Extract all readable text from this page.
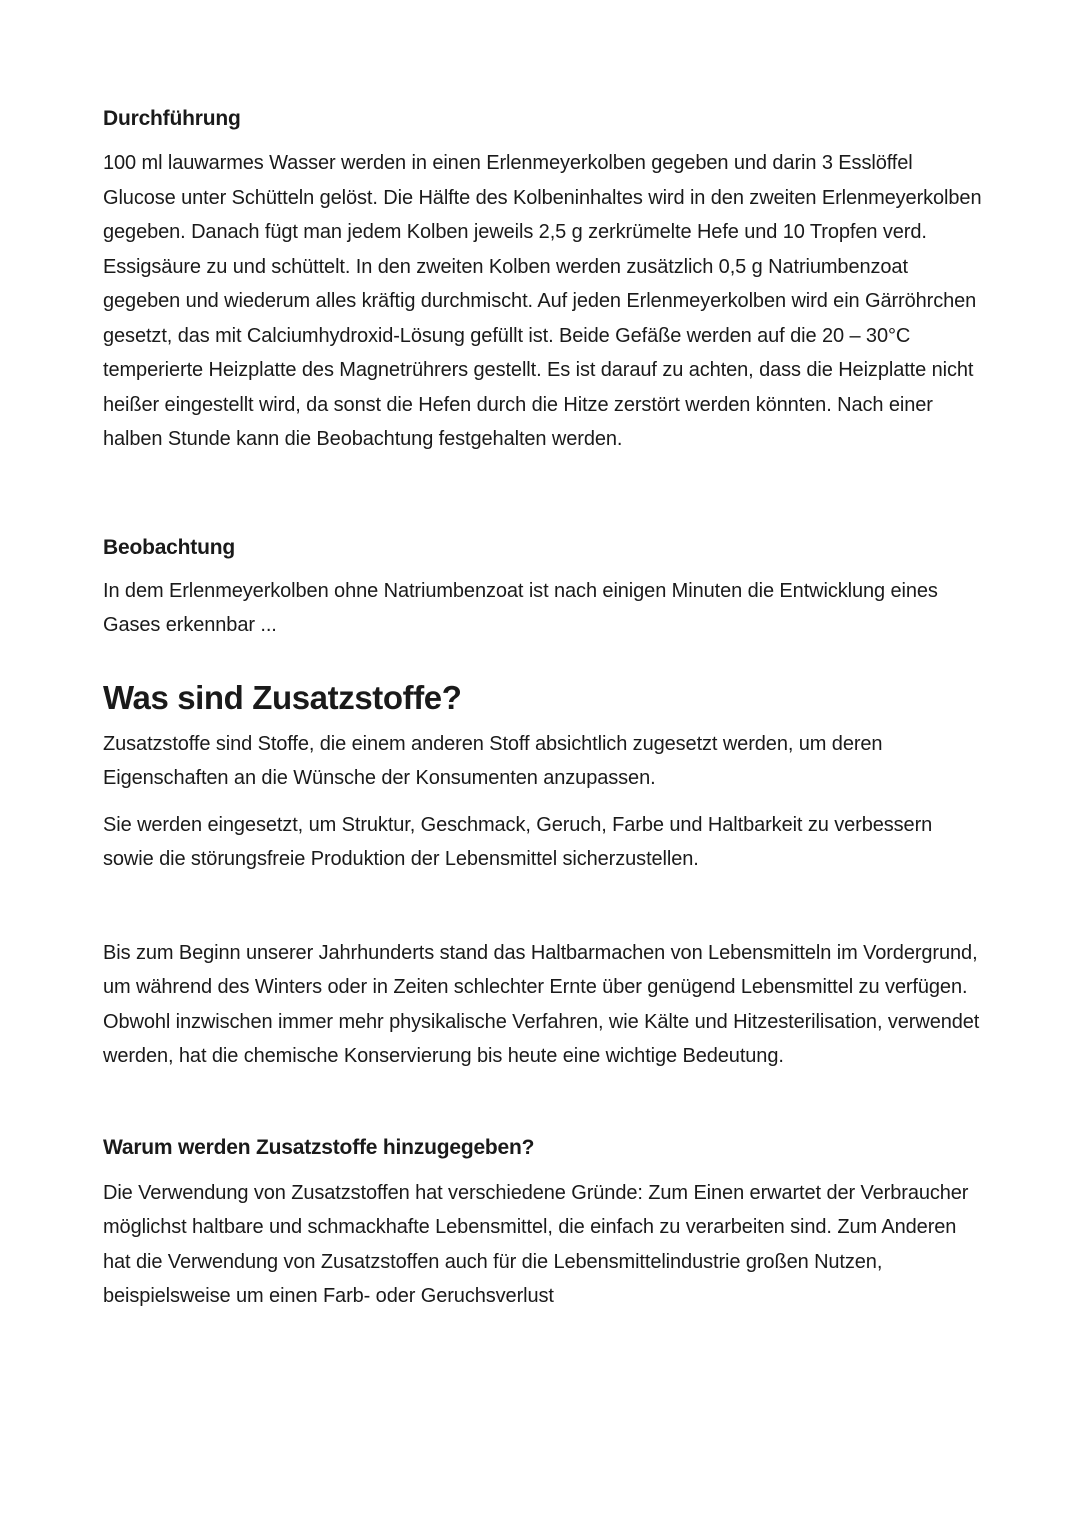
Durchführung

100 ml lauwarmes Wasser werden in einen Erlenmeyerkolben gegeben und darin 3 Esslöffel Glucose unter Schütteln gelöst. Die Hälfte des Kolbeninhaltes wird in den zweiten Erlenmeyerkolben gegeben. Danach fügt man jedem Kolben jeweils 2,5 g zerkrümelte Hefe und 10 Tropfen verd. Essigsäure zu und schüttelt. In den zweiten Kolben werden zusätzlich 0,5 g Natriumbenzoat gegeben und wiederum alles kräftig durchmischt. Auf jeden Erlenmeyerkolben wird ein Gärröhrchen gesetzt, das mit Calciumhydroxid-Lösung gefüllt ist. Beide Gefäße werden auf die 20 – 30°C temperierte Heizplatte des Magnetrührers gestellt. Es ist darauf zu achten, dass die Heizplatte nicht heißer eingestellt wird, da sonst die Hefen durch die Hitze zerstört werden könnten. Nach einer halben Stunde kann die Beobachtung festgehalten werden.

Beobachtung

In dem Erlenmeyerkolben ohne Natriumbenzoat ist nach einigen Minuten die Entwicklung eines Gases erkennbar ...

Was sind Zusatzstoffe?

Zusatzstoffe sind Stoffe, die einem anderen Stoff absichtlich zugesetzt werden, um deren Eigenschaften an die Wünsche der Konsumenten anzupassen.

Sie werden eingesetzt, um Struktur, Geschmack, Geruch, Farbe und Haltbarkeit zu verbessern sowie die störungsfreie Produktion der Lebensmittel sicherzustellen.

Bis zum Beginn unserer Jahrhunderts stand das Haltbarmachen von Lebensmitteln im Vordergrund, um während des Winters oder in Zeiten schlechter Ernte über genügend Lebensmittel zu verfügen. Obwohl inzwischen immer mehr physikalische Verfahren, wie Kälte und Hitzesterilisation, verwendet werden, hat die chemische Konservierung bis heute eine wichtige Bedeutung.

Warum werden Zusatzstoffe hinzugegeben?

Die Verwendung von Zusatzstoffen hat verschiedene Gründe: Zum Einen erwartet der Verbraucher möglichst haltbare und schmackhafte Lebensmittel, die einfach zu verarbeiten sind. Zum Anderen hat die Verwendung von Zusatzstoffen auch für die Lebensmittelindustrie großen Nutzen, beispielsweise um einen Farb- oder Geruchsverlust
